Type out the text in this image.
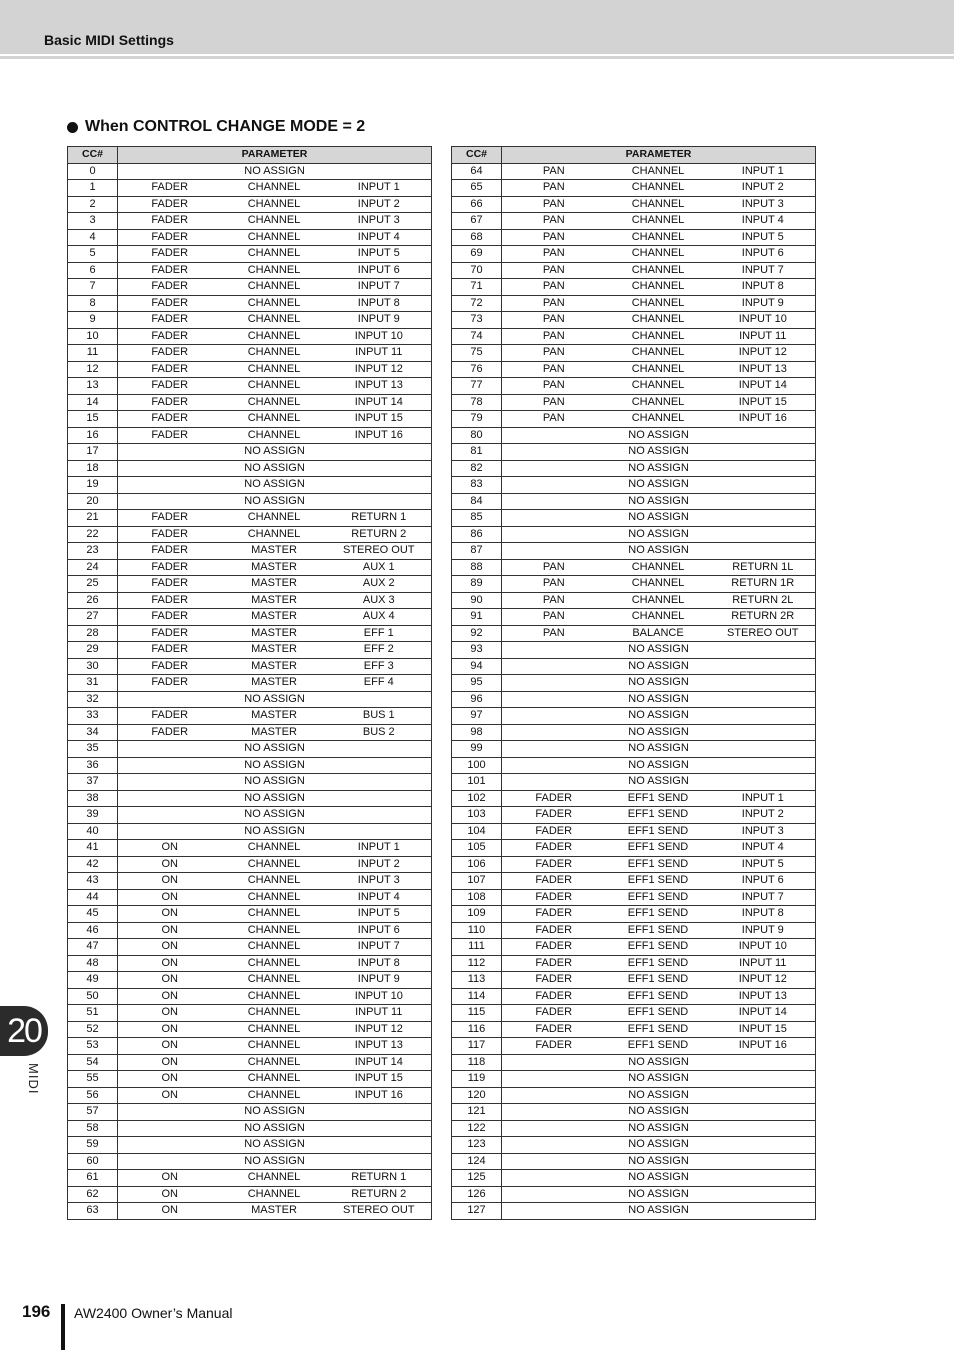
Basic MIDI Settings
When CONTROL CHANGE MODE = 2
CC#	PARAMETER		
0	NO ASSIGN		
1	FADER	CHANNEL	INPUT 1
2	FADER	CHANNEL	INPUT 2
3	FADER	CHANNEL	INPUT 3
4	FADER	CHANNEL	INPUT 4
5	FADER	CHANNEL	INPUT 5
6	FADER	CHANNEL	INPUT 6
7	FADER	CHANNEL	INPUT 7
8	FADER	CHANNEL	INPUT 8
9	FADER	CHANNEL	INPUT 9
10	FADER	CHANNEL	INPUT 10
11	FADER	CHANNEL	INPUT 11
12	FADER	CHANNEL	INPUT 12
13	FADER	CHANNEL	INPUT 13
14	FADER	CHANNEL	INPUT 14
15	FADER	CHANNEL	INPUT 15
16	FADER	CHANNEL	INPUT 16
17	NO ASSIGN		
18	NO ASSIGN		
19	NO ASSIGN		
20	NO ASSIGN		
21	FADER	CHANNEL	RETURN 1
22	FADER	CHANNEL	RETURN 2
23	FADER	MASTER	STEREO OUT
24	FADER	MASTER	AUX 1
25	FADER	MASTER	AUX 2
26	FADER	MASTER	AUX 3
27	FADER	MASTER	AUX 4
28	FADER	MASTER	EFF 1
29	FADER	MASTER	EFF 2
30	FADER	MASTER	EFF 3
31	FADER	MASTER	EFF 4
32	NO ASSIGN		
33	FADER	MASTER	BUS 1
34	FADER	MASTER	BUS 2
35	NO ASSIGN		
36	NO ASSIGN		
37	NO ASSIGN		
38	NO ASSIGN		
39	NO ASSIGN		
40	NO ASSIGN		
41	ON	CHANNEL	INPUT 1
42	ON	CHANNEL	INPUT 2
43	ON	CHANNEL	INPUT 3
44	ON	CHANNEL	INPUT 4
45	ON	CHANNEL	INPUT 5
46	ON	CHANNEL	INPUT 6
47	ON	CHANNEL	INPUT 7
48	ON	CHANNEL	INPUT 8
49	ON	CHANNEL	INPUT 9
50	ON	CHANNEL	INPUT 10
51	ON	CHANNEL	INPUT 11
52	ON	CHANNEL	INPUT 12
53	ON	CHANNEL	INPUT 13
54	ON	CHANNEL	INPUT 14
55	ON	CHANNEL	INPUT 15
56	ON	CHANNEL	INPUT 16
57	NO ASSIGN		
58	NO ASSIGN		
59	NO ASSIGN		
60	NO ASSIGN		
61	ON	CHANNEL	RETURN 1
62	ON	CHANNEL	RETURN 2
63	ON	MASTER	STEREO OUT
CC#	PARAMETER		
64	PAN	CHANNEL	INPUT 1
65	PAN	CHANNEL	INPUT 2
66	PAN	CHANNEL	INPUT 3
67	PAN	CHANNEL	INPUT 4
68	PAN	CHANNEL	INPUT 5
69	PAN	CHANNEL	INPUT 6
70	PAN	CHANNEL	INPUT 7
71	PAN	CHANNEL	INPUT 8
72	PAN	CHANNEL	INPUT 9
73	PAN	CHANNEL	INPUT 10
74	PAN	CHANNEL	INPUT 11
75	PAN	CHANNEL	INPUT 12
76	PAN	CHANNEL	INPUT 13
77	PAN	CHANNEL	INPUT 14
78	PAN	CHANNEL	INPUT 15
79	PAN	CHANNEL	INPUT 16
80	NO ASSIGN		
81	NO ASSIGN		
82	NO ASSIGN		
83	NO ASSIGN		
84	NO ASSIGN		
85	NO ASSIGN		
86	NO ASSIGN		
87	NO ASSIGN		
88	PAN	CHANNEL	RETURN 1L
89	PAN	CHANNEL	RETURN 1R
90	PAN	CHANNEL	RETURN 2L
91	PAN	CHANNEL	RETURN 2R
92	PAN	BALANCE	STEREO OUT
93	NO ASSIGN		
94	NO ASSIGN		
95	NO ASSIGN		
96	NO ASSIGN		
97	NO ASSIGN		
98	NO ASSIGN		
99	NO ASSIGN		
100	NO ASSIGN		
101	NO ASSIGN		
102	FADER	EFF1 SEND	INPUT 1
103	FADER	EFF1 SEND	INPUT 2
104	FADER	EFF1 SEND	INPUT 3
105	FADER	EFF1 SEND	INPUT 4
106	FADER	EFF1 SEND	INPUT 5
107	FADER	EFF1 SEND	INPUT 6
108	FADER	EFF1 SEND	INPUT 7
109	FADER	EFF1 SEND	INPUT 8
110	FADER	EFF1 SEND	INPUT 9
111	FADER	EFF1 SEND	INPUT 10
112	FADER	EFF1 SEND	INPUT 11
113	FADER	EFF1 SEND	INPUT 12
114	FADER	EFF1 SEND	INPUT 13
115	FADER	EFF1 SEND	INPUT 14
116	FADER	EFF1 SEND	INPUT 15
117	FADER	EFF1 SEND	INPUT 16
118	NO ASSIGN		
119	NO ASSIGN		
120	NO ASSIGN		
121	NO ASSIGN		
122	NO ASSIGN		
123	NO ASSIGN		
124	NO ASSIGN		
125	NO ASSIGN		
126	NO ASSIGN		
127	NO ASSIGN		
20
MIDI
196 AW2400 Owner’s Manual
